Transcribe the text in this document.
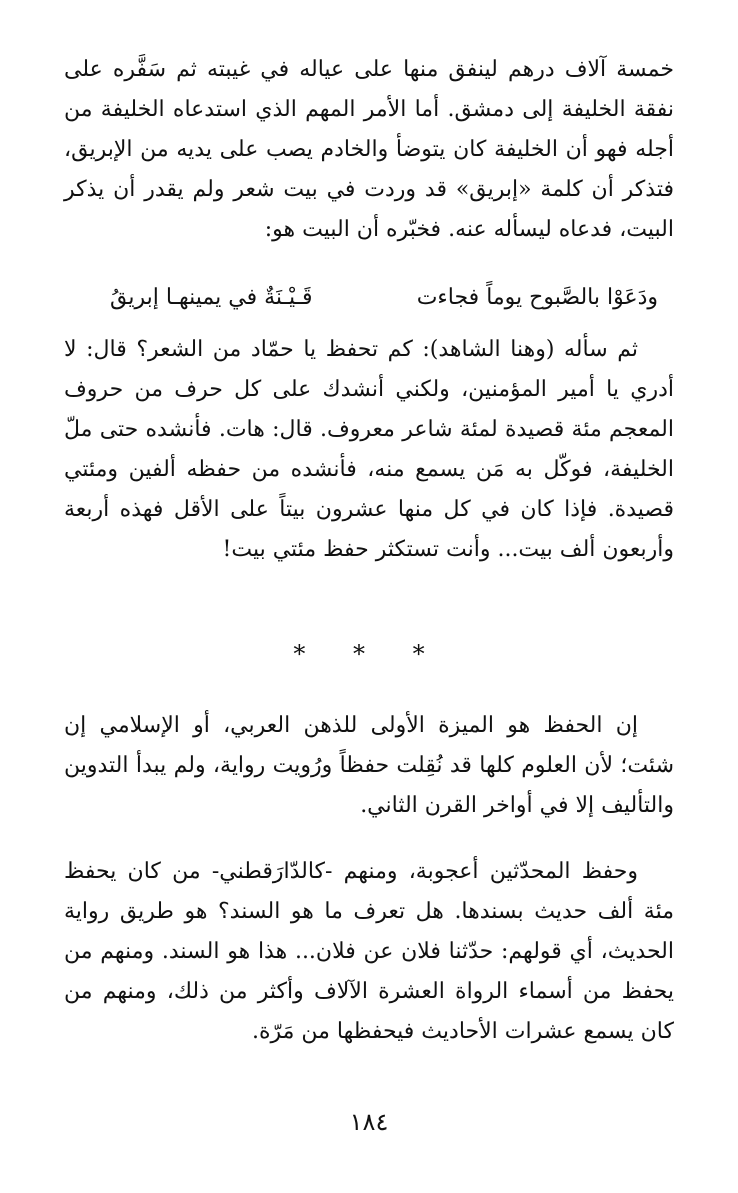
خمسة آلاف درهم لينفق منها على عياله في غيبته ثم سَفَّره على نفقة الخليفة إلى دمشق. أما الأمر المهم الذي استدعاه الخليفة من أجله فهو أن الخليفة كان يتوضأ والخادم يصب على يديه من الإبريق، فتذكر أن كلمة «إبريق» قد وردت في بيت شعر ولم يقدر أن يذكر البيت، فدعاه ليسأله عنه. فخبّره أن البيت هو:

ودَعَوْا بالصَّبوح يوماً فجاءت
قَـيْـنَةٌ في يمينهـا إبريقُ

ثم سأله (وهنا الشاهد): كم تحفظ يا حمّاد من الشعر؟ قال: لا أدري يا أمير المؤمنين، ولكني أنشدك على كل حرف من حروف المعجم مئة قصيدة لمئة شاعر معروف. قال: هات. فأنشده حتى ملّ الخليفة، فوكّل به مَن يسمع منه، فأنشده من حفظه ألفين ومئتي قصيدة. فإذا كان في كل منها عشرون بيتاً على الأقل فهذه أربعة وأربعون ألف بيت... وأنت تستكثر حفظ مئتي بيت!

* * *

إن الحفظ هو الميزة الأولى للذهن العربي، أو الإسلامي إن شئت؛ لأن العلوم كلها قد نُقِلت حفظاً ورُويت رواية، ولم يبدأ التدوين والتأليف إلا في أواخر القرن الثاني.

وحفظ المحدّثين أعجوبة، ومنهم -كالدّارَقطني- من كان يحفظ مئة ألف حديث بسندها. هل تعرف ما هو السند؟ هو طريق رواية الحديث، أي قولهم: حدّثنا فلان عن فلان... هذا هو السند. ومنهم من يحفظ من أسماء الرواة العشرة الآلاف وأكثر من ذلك، ومنهم من كان يسمع عشرات الأحاديث فيحفظها من مَرّة.

١٨٤
